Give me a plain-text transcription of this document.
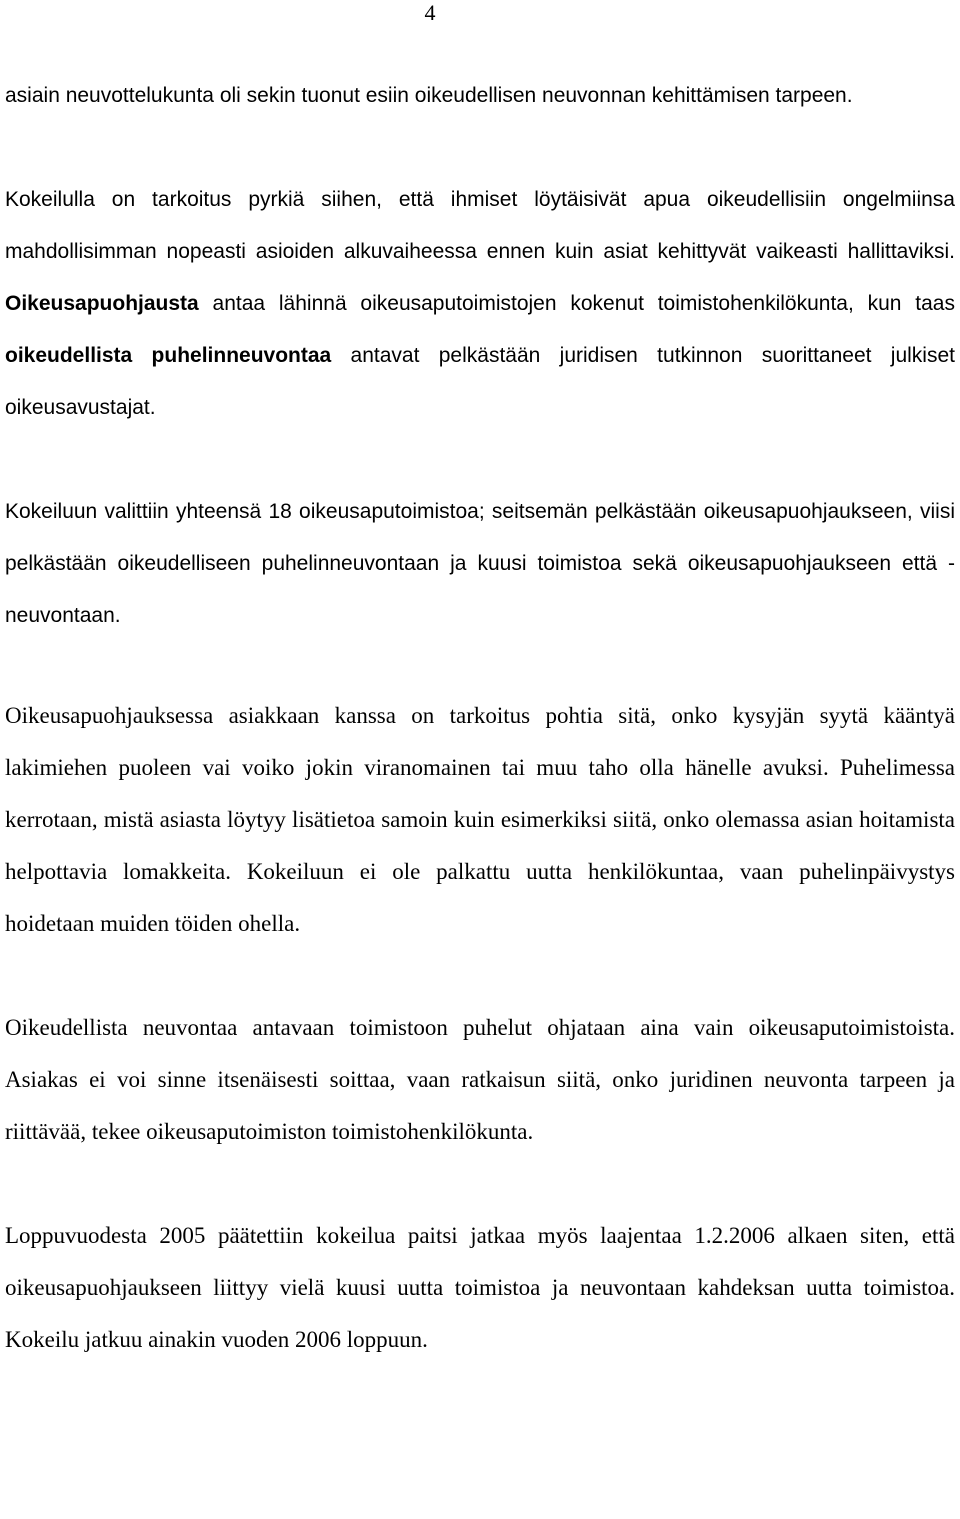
4

asiain neuvottelukunta oli sekin tuonut esiin oikeudellisen neuvonnan kehittämisen tarpeen.

Kokeilulla on tarkoitus pyrkiä siihen, että ihmiset löytäisivät apua oikeudellisiin ongelmiinsa mahdollisimman nopeasti asioiden alkuvaiheessa ennen kuin asiat kehittyvät vaikeasti hallittaviksi. Oikeusapuohjausta antaa lähinnä oikeusaputoimistojen kokenut toimistohenkilökunta, kun taas oikeudellista puhelinneuvontaa antavat pelkästään juridisen tutkinnon suorittaneet julkiset oikeusavustajat.

Kokeiluun valittiin yhteensä 18 oikeusaputoimistoa; seitsemän pelkästään oikeusapuohjaukseen, viisi pelkästään oikeudelliseen puhelinneuvontaan ja kuusi toimistoa sekä oikeusapuohjaukseen että -neuvontaan.

Oikeusapuohjauksessa asiakkaan kanssa on tarkoitus pohtia sitä, onko kysyjän syytä kääntyä lakimiehen puoleen vai voiko jokin viranomainen tai muu taho olla hänelle avuksi. Puhelimessa kerrotaan, mistä asiasta löytyy lisätietoa samoin kuin esimerkiksi siitä, onko olemassa asian hoitamista helpottavia lomakkeita. Kokeiluun ei ole palkattu uutta henkilökuntaa, vaan puhelinpäivystys hoidetaan muiden töiden ohella.

Oikeudellista neuvontaa antavaan toimistoon puhelut ohjataan aina vain oikeusaputoimistoista. Asiakas ei voi sinne itsenäisesti soittaa, vaan ratkaisun siitä, onko juridinen neuvonta tarpeen ja riittävää, tekee oikeusaputoimiston toimistohenkilökunta.

Loppuvuodesta 2005 päätettiin kokeilua paitsi jatkaa myös laajentaa 1.2.2006 alkaen siten, että oikeusapuohjaukseen liittyy vielä kuusi uutta toimistoa ja neuvontaan kahdeksan uutta toimistoa. Kokeilu jatkuu ainakin vuoden 2006 loppuun.
